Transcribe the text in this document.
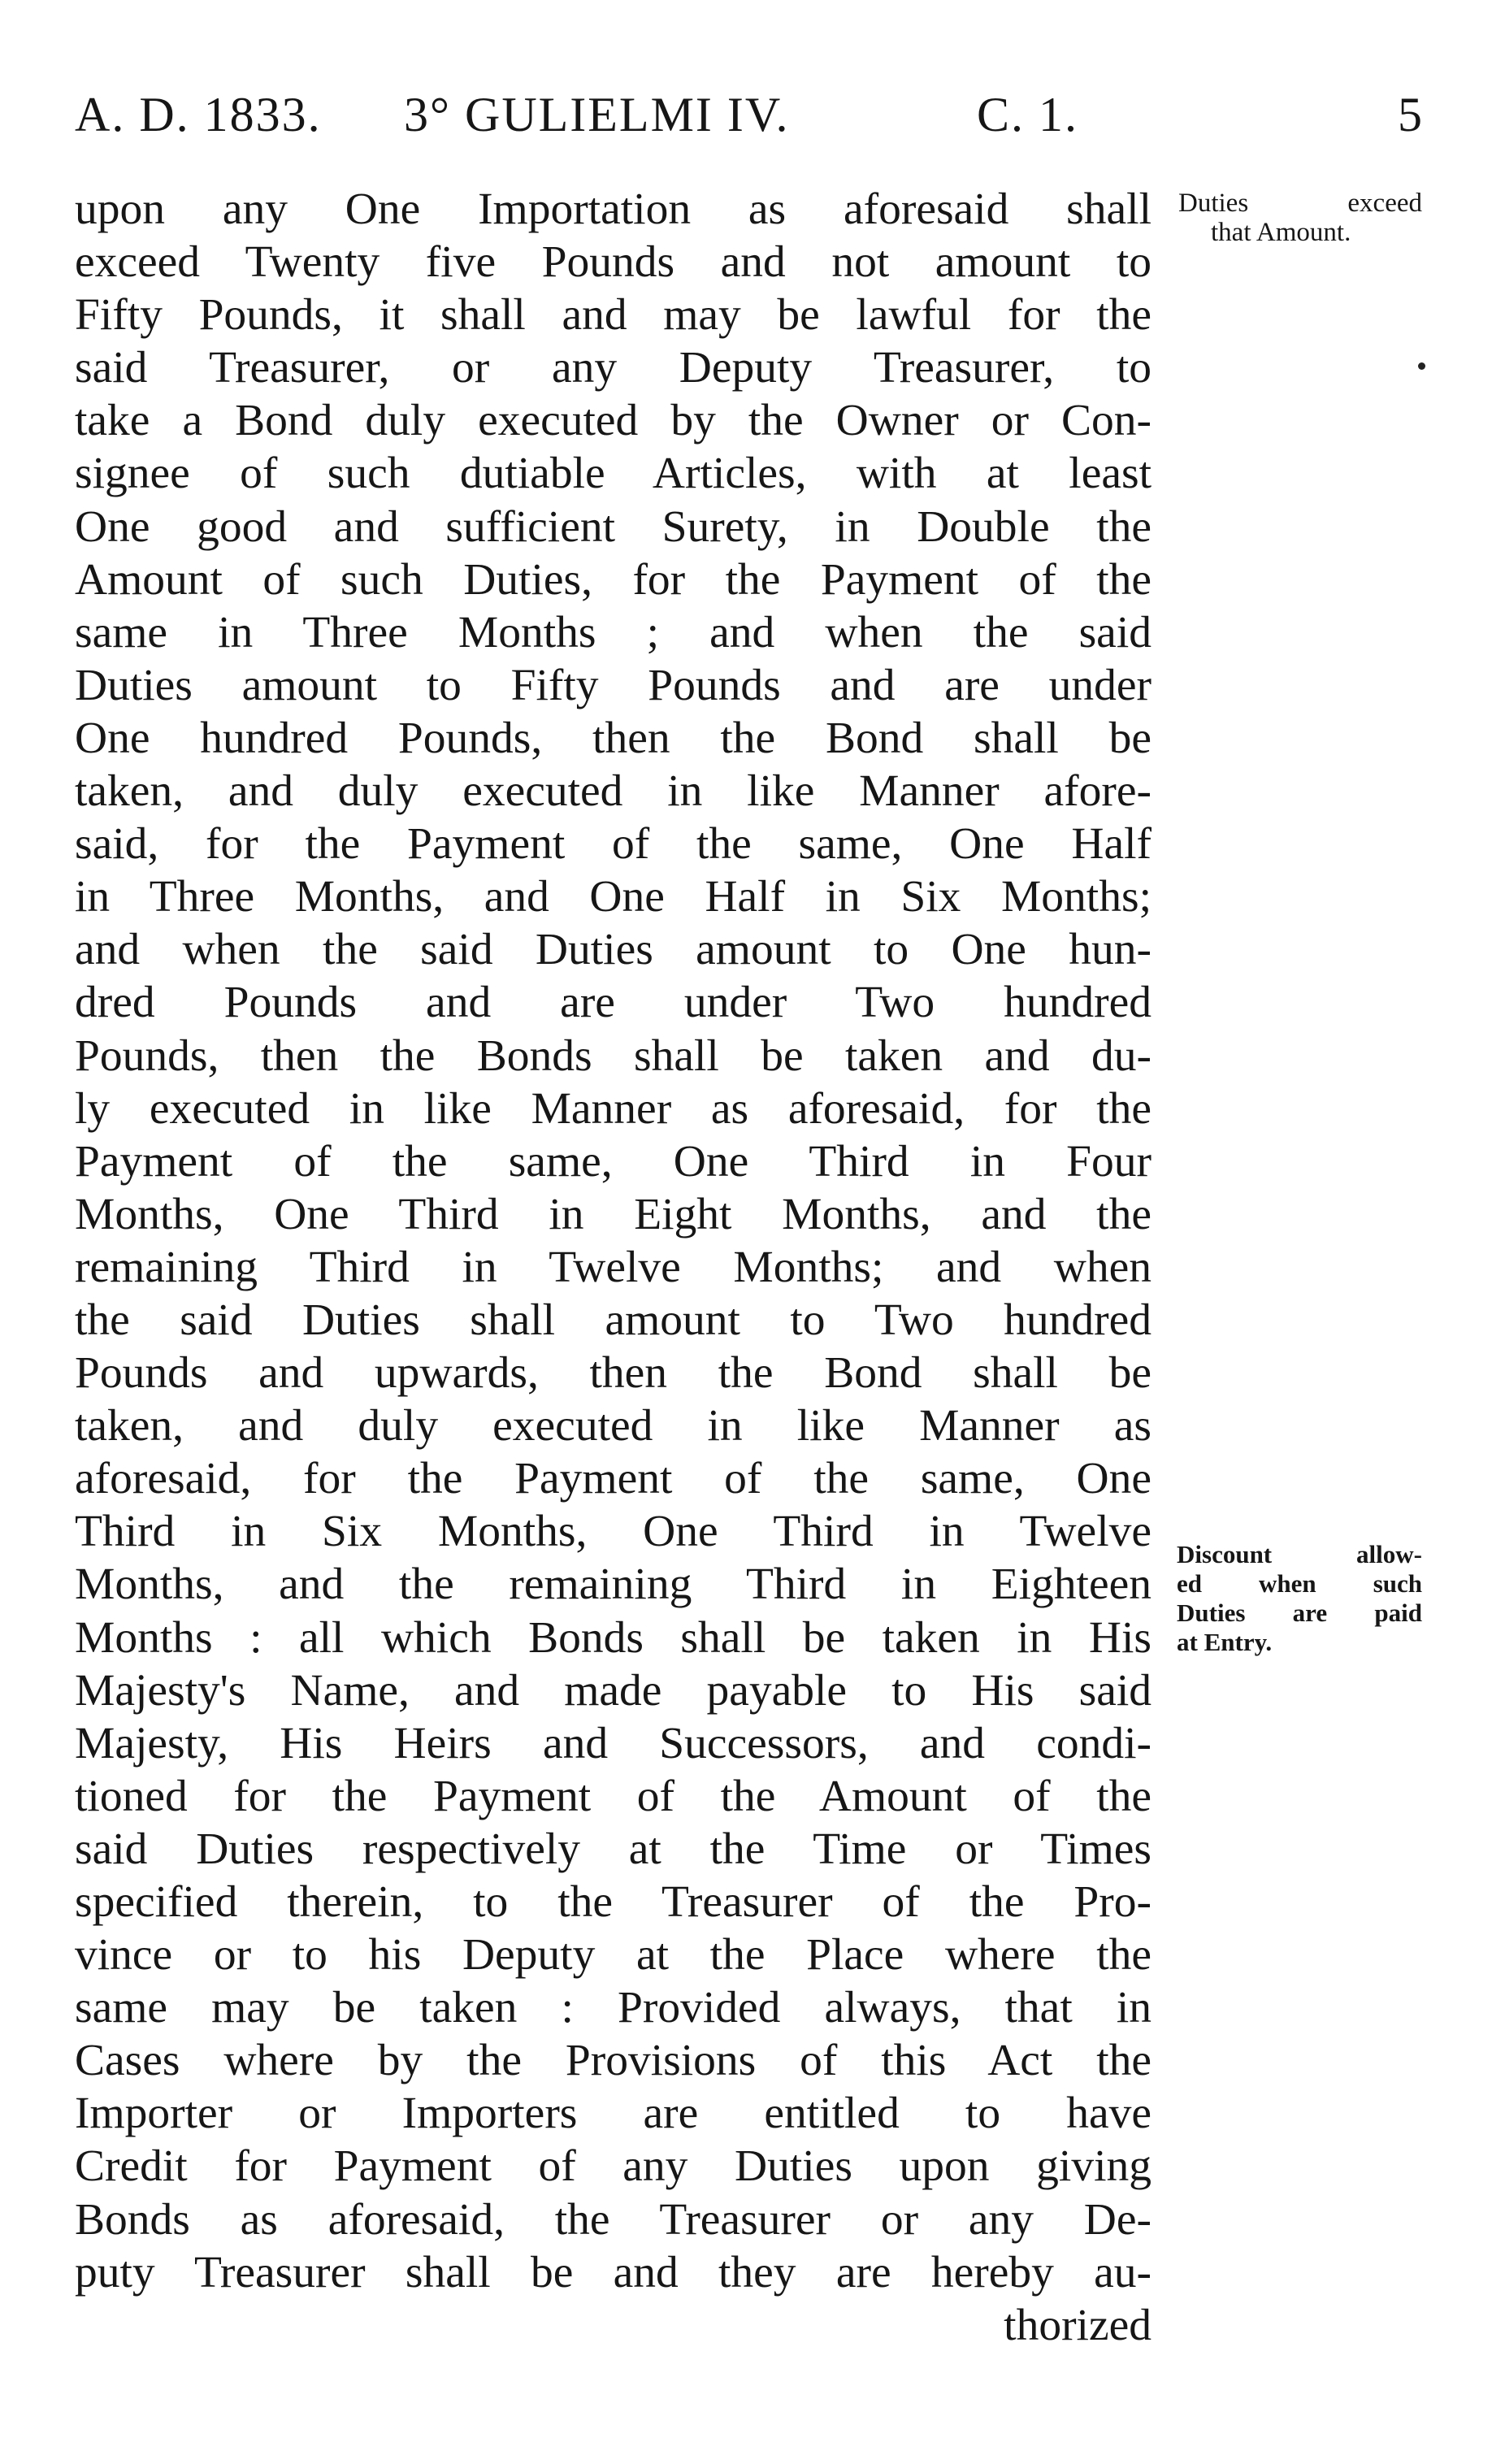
A. D. 1833. 3° GULIELMI IV.	C. 1.	5
upon any One Importation as aforesaid shall
exceed Twenty five Pounds and not amount to
Fifty Pounds, it shall and may be lawful for the
said Treasurer, or any Deputy Treasurer, to
take a Bond duly executed by the Owner or Con-
signee of such dutiable Articles, with at least
One good and sufficient Surety, in Double the
Amount of such Duties, for the Payment of the
same in Three Months ; and when the said
Duties amount to Fifty Pounds and are under
One hundred Pounds, then the Bond shall be
taken, and duly executed in like Manner afore-
said, for the Payment of the same, One Half
in Three Months, and One Half in Six Months;
and when the said Duties amount to One hun-
dred Pounds and are under Two hundred
Pounds, then the Bonds shall be taken and du-
ly executed in like Manner as aforesaid, for the
Payment of the same, One Third in Four
Months, One Third in Eight Months, and the
remaining Third in Twelve Months; and when
the said Duties shall amount to Two hundred
Pounds and upwards, then the Bond shall be
taken, and duly executed in like Manner as
aforesaid, for the Payment of the same, One
Third in Six Months, One Third in Twelve
Months, and the remaining Third in Eighteen
Months : all which Bonds shall be taken in His
Majesty's Name, and made payable to His said
Majesty, His Heirs and Successors, and condi-
tioned for the Payment of the Amount of the
said Duties respectively at the Time or Times
specified therein, to the Treasurer of the Pro-
vince or to his Deputy at the Place where the
same may be taken : Provided always, that in
Cases where by the Provisions of this Act the
Importer or Importers are entitled to have
Credit for Payment of any Duties upon giving
Bonds as aforesaid, the Treasurer or any De-
puty Treasurer shall be and they are hereby au-
thorized
Duties exceed
that Amount.
Discount allow-
ed when such
Duties are paid
at Entry.
